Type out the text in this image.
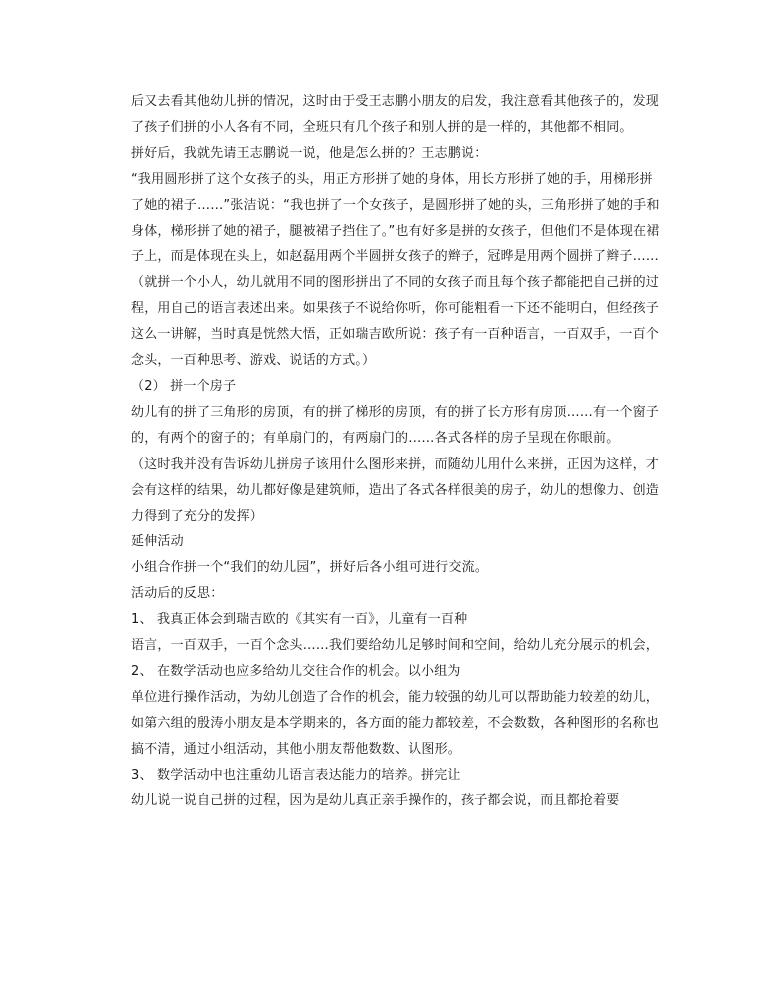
后又去看其他幼儿拼的情况，这时由于受王志鹏小朋友的启发，我注意看其他孩子的，发现了孩子们拼的小人各有不同，全班只有几个孩子和别人拼的是一样的，其他都不相同。

拼好后，我就先请王志鹏说一说，他是怎么拼的？王志鹏说：

“我用圆形拼了这个女孩子的头，用正方形拼了她的身体，用长方形拼了她的手，用梯形拼了她的裙子……”张洁说：“我也拼了一个女孩子，是圆形拼了她的头，三角形拼了她的手和身体，梯形拼了她的裙子，腿被裙子挡住了。”也有好多是拼的女孩子，但他们不是体现在裙子上，而是体现在头上，如赵磊用两个半圆拼女孩子的辫子，冠晔是用两个圆拼了辫子……

（就拼一个小人，幼儿就用不同的图形拼出了不同的女孩子而且每个孩子都能把自己拼的过程，用自己的语言表述出来。如果孩子不说给你听，你可能粗看一下还不能明白，但经孩子这么一讲解，当时真是恍然大悟，正如瑞吉欧所说：孩子有一百种语言，一百双手，一百个念头，一百种思考、游戏、说话的方式。）

（2） 拼一个房子

幼儿有的拼了三角形的房顶，有的拼了梯形的房顶，有的拼了长方形有房顶……有一个窗子的，有两个的窗子的；有单扇门的，有两扇门的……各式各样的房子呈现在你眼前。

（这时我并没有告诉幼儿拼房子该用什么图形来拼，而随幼儿用什么来拼，正因为这样，才会有这样的结果，幼儿都好像是建筑师，造出了各式各样很美的房子，幼儿的想像力、创造力得到了充分的发挥）

延伸活动

小组合作拼一个“我们的幼儿园”，拼好后各小组可进行交流。

活动后的反思：

1、 我真正体会到瑞吉欧的《其实有一百》，儿童有一百种

语言，一百双手，一百个念头……我们要给幼儿足够时间和空间，给幼儿充分展示的机会，

2、 在数学活动也应多给幼儿交往合作的机会。以小组为

单位进行操作活动，为幼儿创造了合作的机会，能力较强的幼儿可以帮助能力较差的幼儿，如第六组的殷涛小朋友是本学期来的，各方面的能力都较差，不会数数，各种图形的名称也搞不清，通过小组活动，其他小朋友帮他数数、认图形。

3、 数学活动中也注重幼儿语言表达能力的培养。拼完让

幼儿说一说自己拼的过程，因为是幼儿真正亲手操作的，孩子都会说，而且都抢着要
